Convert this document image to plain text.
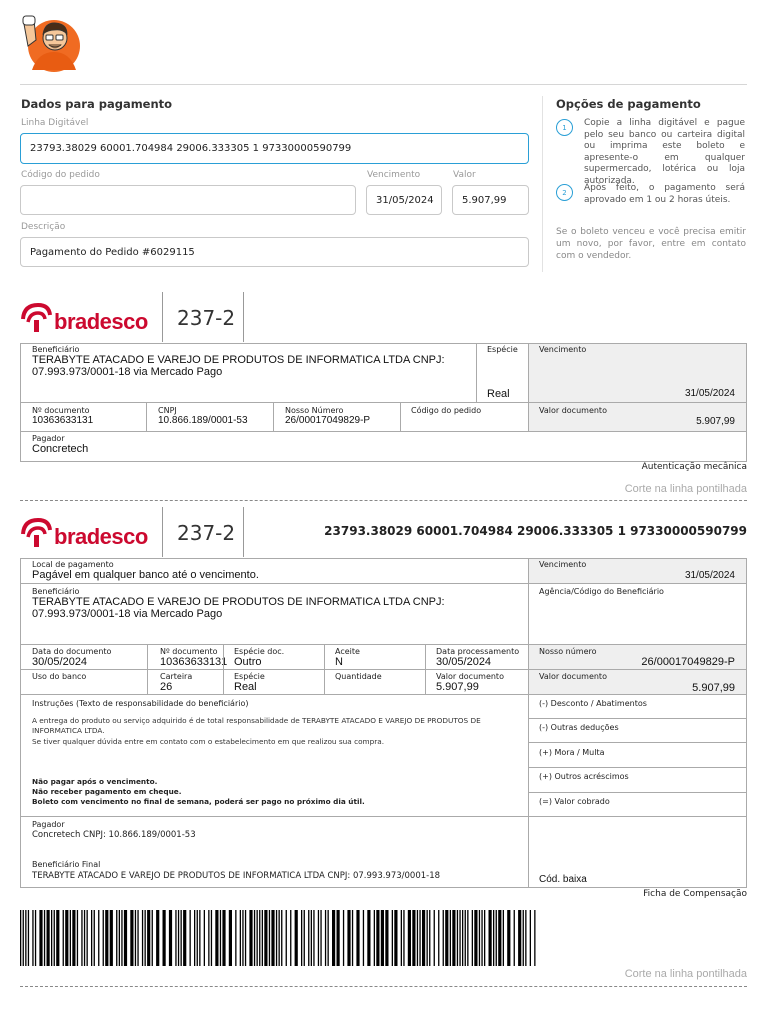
Dados para pagamento
Linha Digitável
23793.38029 60001.704984 29006.333305 1 97330000590799
Código do pedido	Vencimento
31/05/2024
Valor
5.907,99
Descrição
Pagamento do Pedido #6029115
Opções de pagamento
1 Copie a linha digitável e pague pelo seu banco ou carteira digital ou imprima este boleto e apresente-o em qualquer supermercado, lotérica ou loja autorizada.
2 Após feito, o pagamento será aprovado em 1 ou 2 horas úteis.
Se o boleto venceu e você precisa emitir um novo, por favor, entre em contato com o vendedor.
bradesco 237-2
Beneficiário
TERABYTE ATACADO E VAREJO DE PRODUTOS DE INFORMATICA LTDA CNPJ: 07.993.973/0001-18 via Mercado Pago
Espécie
Real
Vencimento
31/05/2024
Nº documento
10363633131
CNPJ
10.866.189/0001-53
Nosso Número
26/00017049829-P
Código do pedido	Valor documento
5.907,99
Pagador
Concretech
Autenticação mecânica
Corte na linha pontilhada
bradesco 237-2	23793.38029 60001.704984 29006.333305 1 97330000590799
Local de pagamento
Pagável em qualquer banco até o vencimento.
Vencimento
31/05/2024
Beneficiário
TERABYTE ATACADO E VAREJO DE PRODUTOS DE INFORMATICA LTDA CNPJ: 07.993.973/0001-18 via Mercado Pago
Agência/Código do Beneficiário
Data do documento
30/05/2024
Nº documento
10363633131
Espécie doc.
Outro
Aceite
N
Data processamento
30/05/2024
Nosso número
26/00017049829-P
Uso do banco	Carteira
26
Espécie
Real
Quantidade	Valor documento
5.907,99
Valor documento
5.907,99
Instruções (Texto de responsabilidade do beneficiário)
A entrega do produto ou serviço adquirido é de total responsabilidade de TERABYTE ATACADO E VAREJO DE PRODUTOS DE INFORMATICA LTDA.
Se tiver qualquer dúvida entre em contato com o estabelecimento em que realizou sua compra.
Não pagar após o vencimento.
Não receber pagamento em cheque.
Boleto com vencimento no final de semana, poderá ser pago no próximo dia útil.
(-) Desconto / Abatimentos
(-) Outras deduções
(+) Mora / Multa
(+) Outros acréscimos
(=) Valor cobrado
Pagador
Concretech CNPJ: 10.866.189/0001-53
Beneficiário Final
TERABYTE ATACADO E VAREJO DE PRODUTOS DE INFORMATICA LTDA CNPJ: 07.993.973/0001-18	Cód. baixa
Ficha de Compensação
Corte na linha pontilhada
